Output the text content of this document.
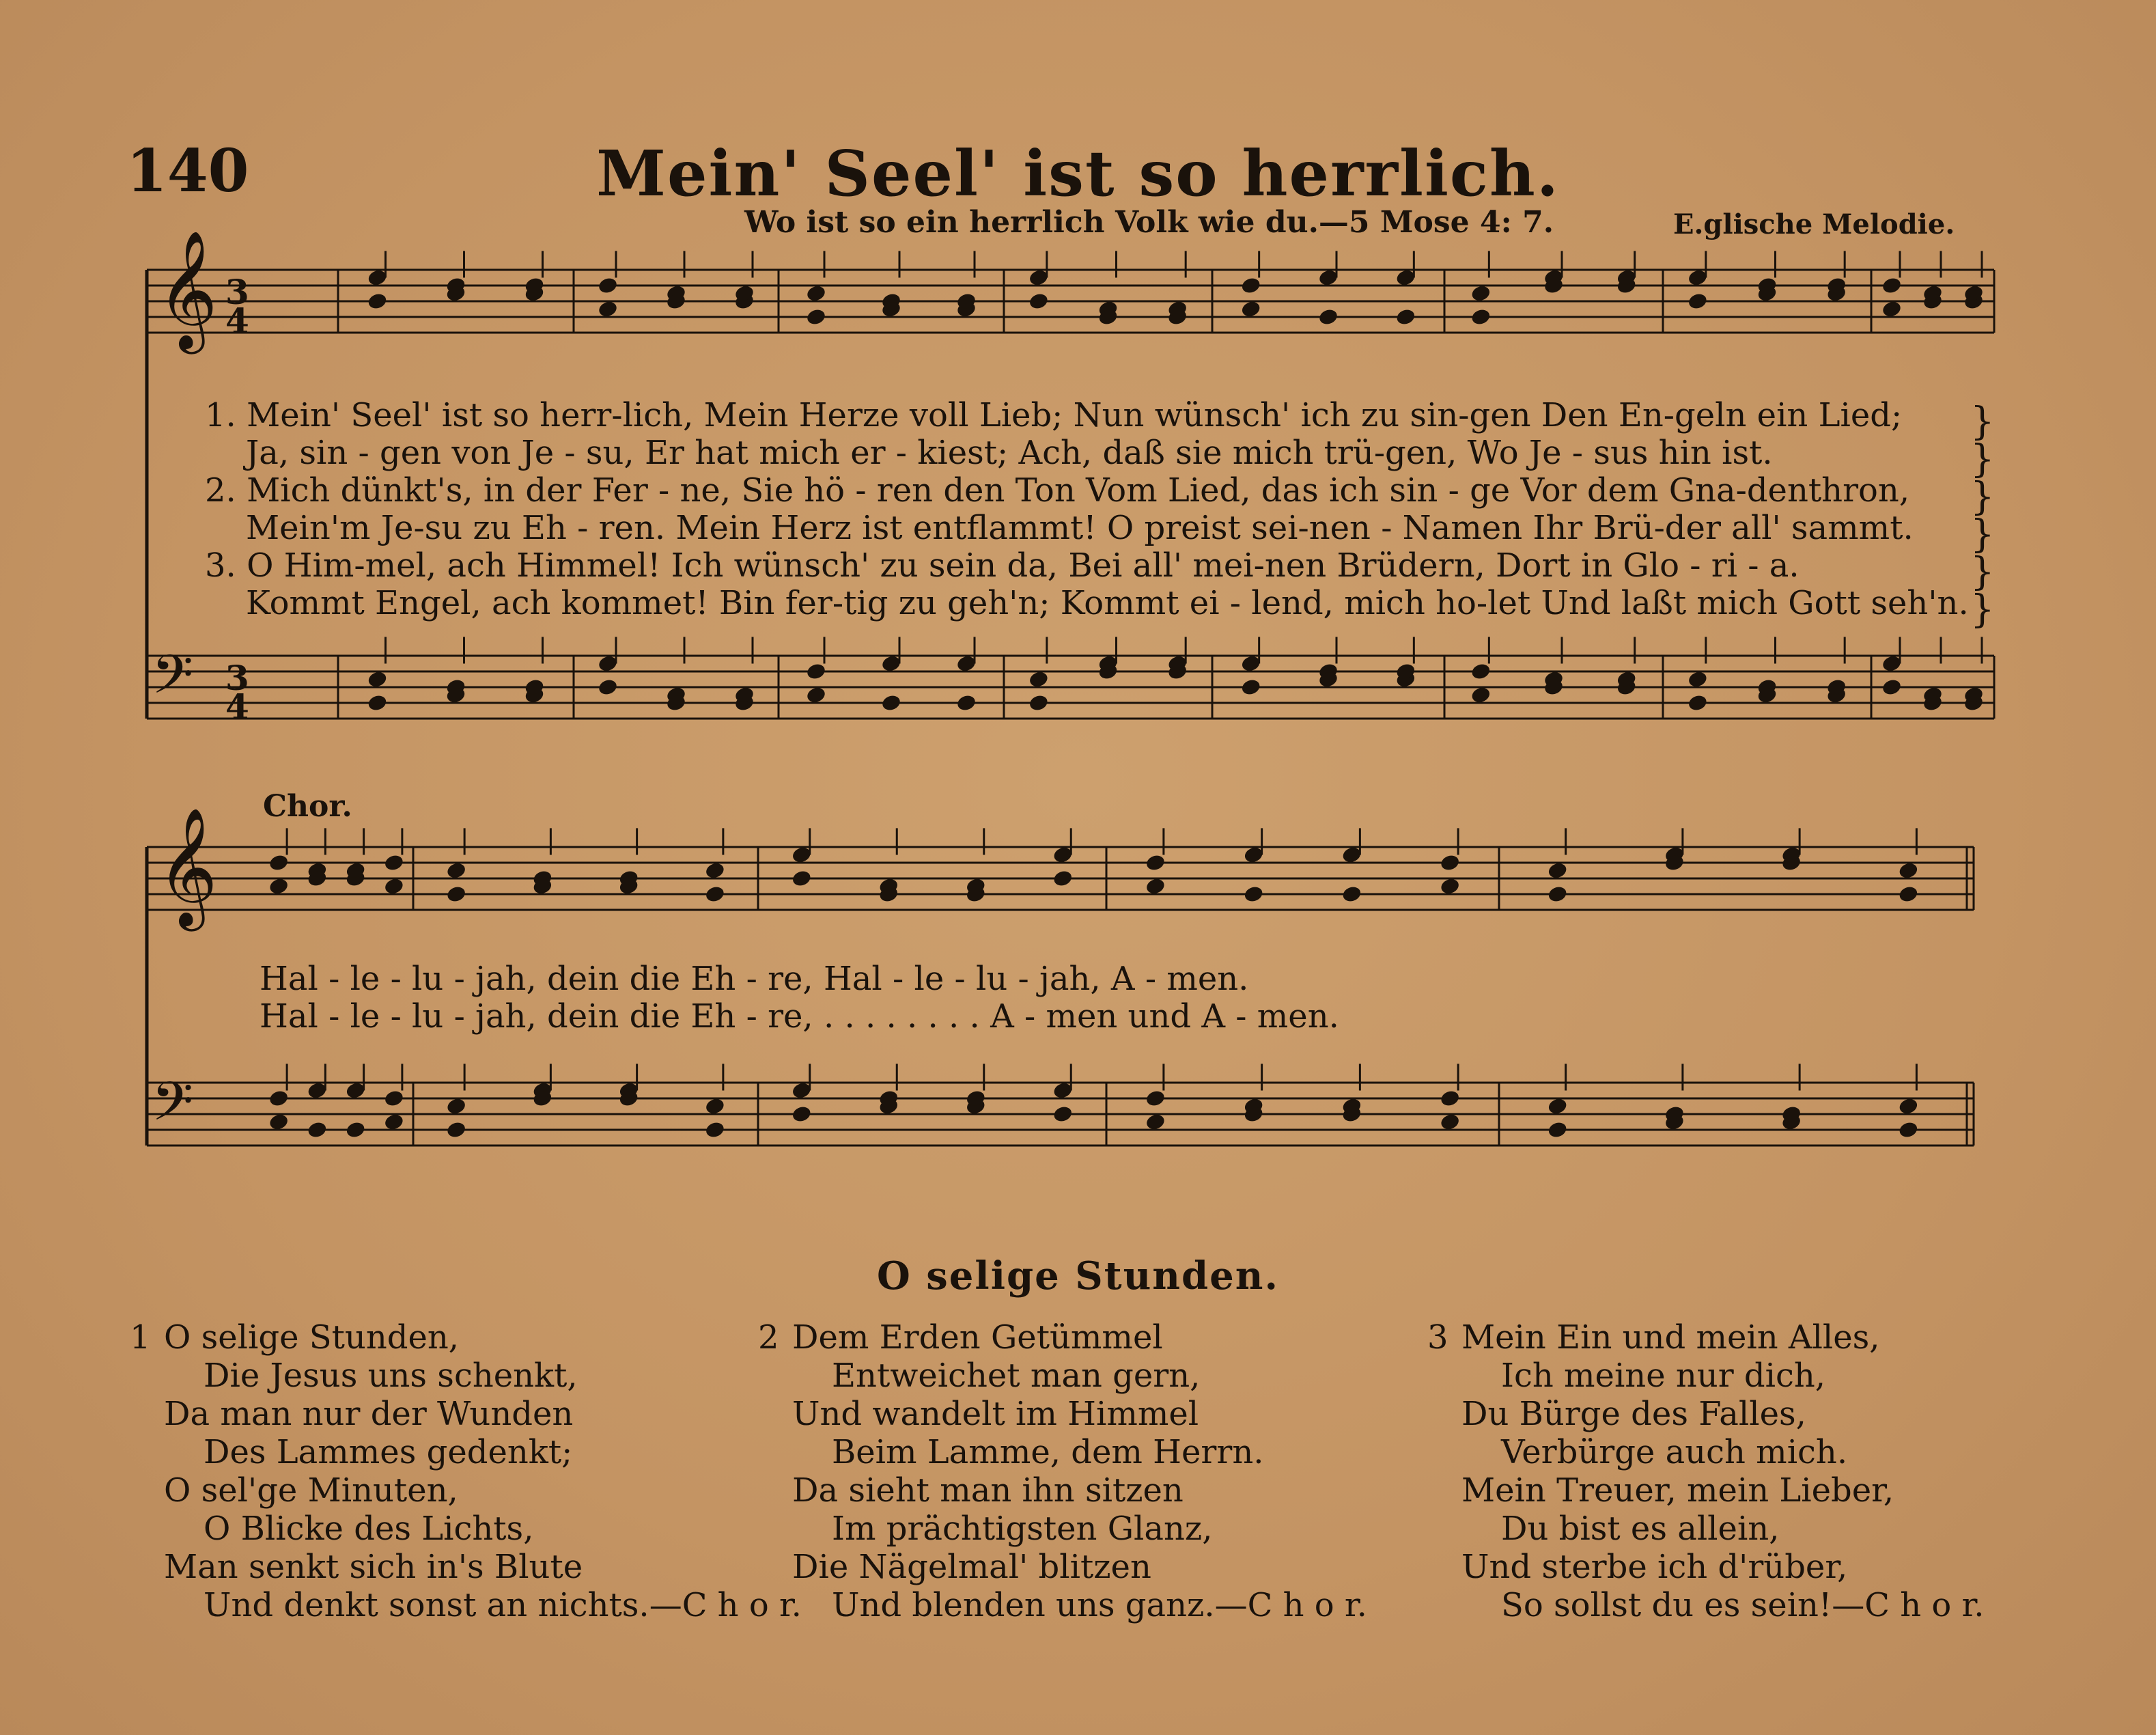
140	Mein' Seel' ist so herrlich.
Wo ist so ein herrlich Volk wie du.—5 Mose 4: 7.	E.glische Melodie.
𝄞 3
4
𝄢 3
4
𝄞
𝄢
1. Mein' Seel' ist so herr-lich, Mein Herze voll Lieb; Nun wünsch' ich zu sin-gen Den En-geln ein Lied;
Ja, sin - gen von Je - su, Er hat mich er - kiest; Ach, daß sie mich trü-gen, Wo Je - sus hin ist.
2. Mich dünkt's, in der Fer - ne, Sie hö - ren den Ton Vom Lied, das ich sin - ge Vor dem Gna-denthron,
Mein'm Je-su zu Eh - ren. Mein Herz ist entflammt! O preist sei-nen - Namen Ihr Brü-der all' sammt.
3. O Him-mel, ach Himmel! Ich wünsch' zu sein da, Bei all' mei-nen Brüdern, Dort in Glo - ri - a.
Kommt Engel, ach kommet! Bin fer-tig zu geh'n; Kommt ei - lend, mich ho-let Und laßt mich Gott seh'n.
}
}
}
}
}
}
Chor.
Hal - le - lu - jah, dein die Eh - re, Hal - le - lu - jah, A - men.
Hal - le - lu - jah, dein die Eh - re, . . . . . . . . A - men und A - men.
O selige Stunden.
1 O selige Stunden,
Die Jesus uns schenkt,
Da man nur der Wunden
Des Lammes gedenkt;
O sel'ge Minuten,
O Blicke des Lichts,
Man senkt sich in's Blute
Und denkt sonst an nichts.—C h o r.
2 Dem Erden Getümmel
Entweichet man gern,
Und wandelt im Himmel
Beim Lamme, dem Herrn.
Da sieht man ihn sitzen
Im prächtigsten Glanz,
Die Nägelmal' blitzen
Und blenden uns ganz.—C h o r.
3 Mein Ein und mein Alles,
Ich meine nur dich,
Du Bürge des Falles,
Verbürge auch mich.
Mein Treuer, mein Lieber,
Du bist es allein,
Und sterbe ich d'rüber,
So sollst du es sein!—C h o r.
